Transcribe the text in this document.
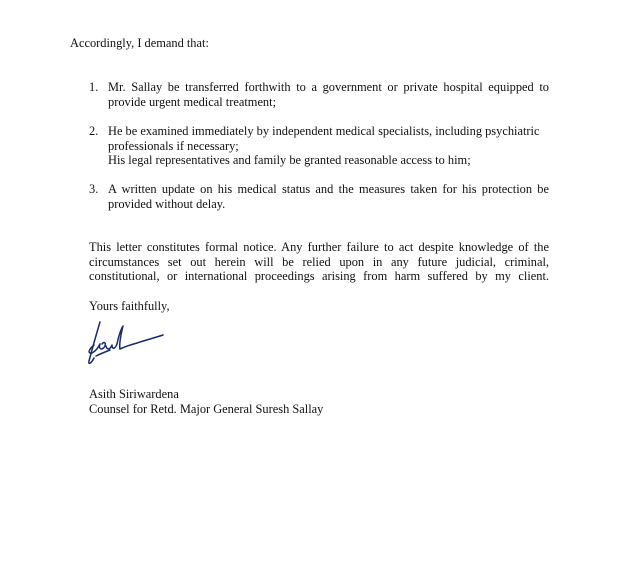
Accordingly, I demand that:
1. Mr. Sallay be transferred forthwith to a government or private hospital equipped to
provide urgent medical treatment;
2. He be examined immediately by independent medical specialists, including psychiatric
professionals if necessary;
His legal representatives and family be granted reasonable access to him;
3. A written update on his medical status and the measures taken for his protection be
provided without delay.
This letter constitutes formal notice. Any further failure to act despite knowledge of the
circumstances set out herein will be relied upon in any future judicial, criminal,
constitutional, or international proceedings arising from harm suffered by my client.
Yours faithfully,
Asith Siriwardena
Counsel for Retd. Major General Suresh Sallay
